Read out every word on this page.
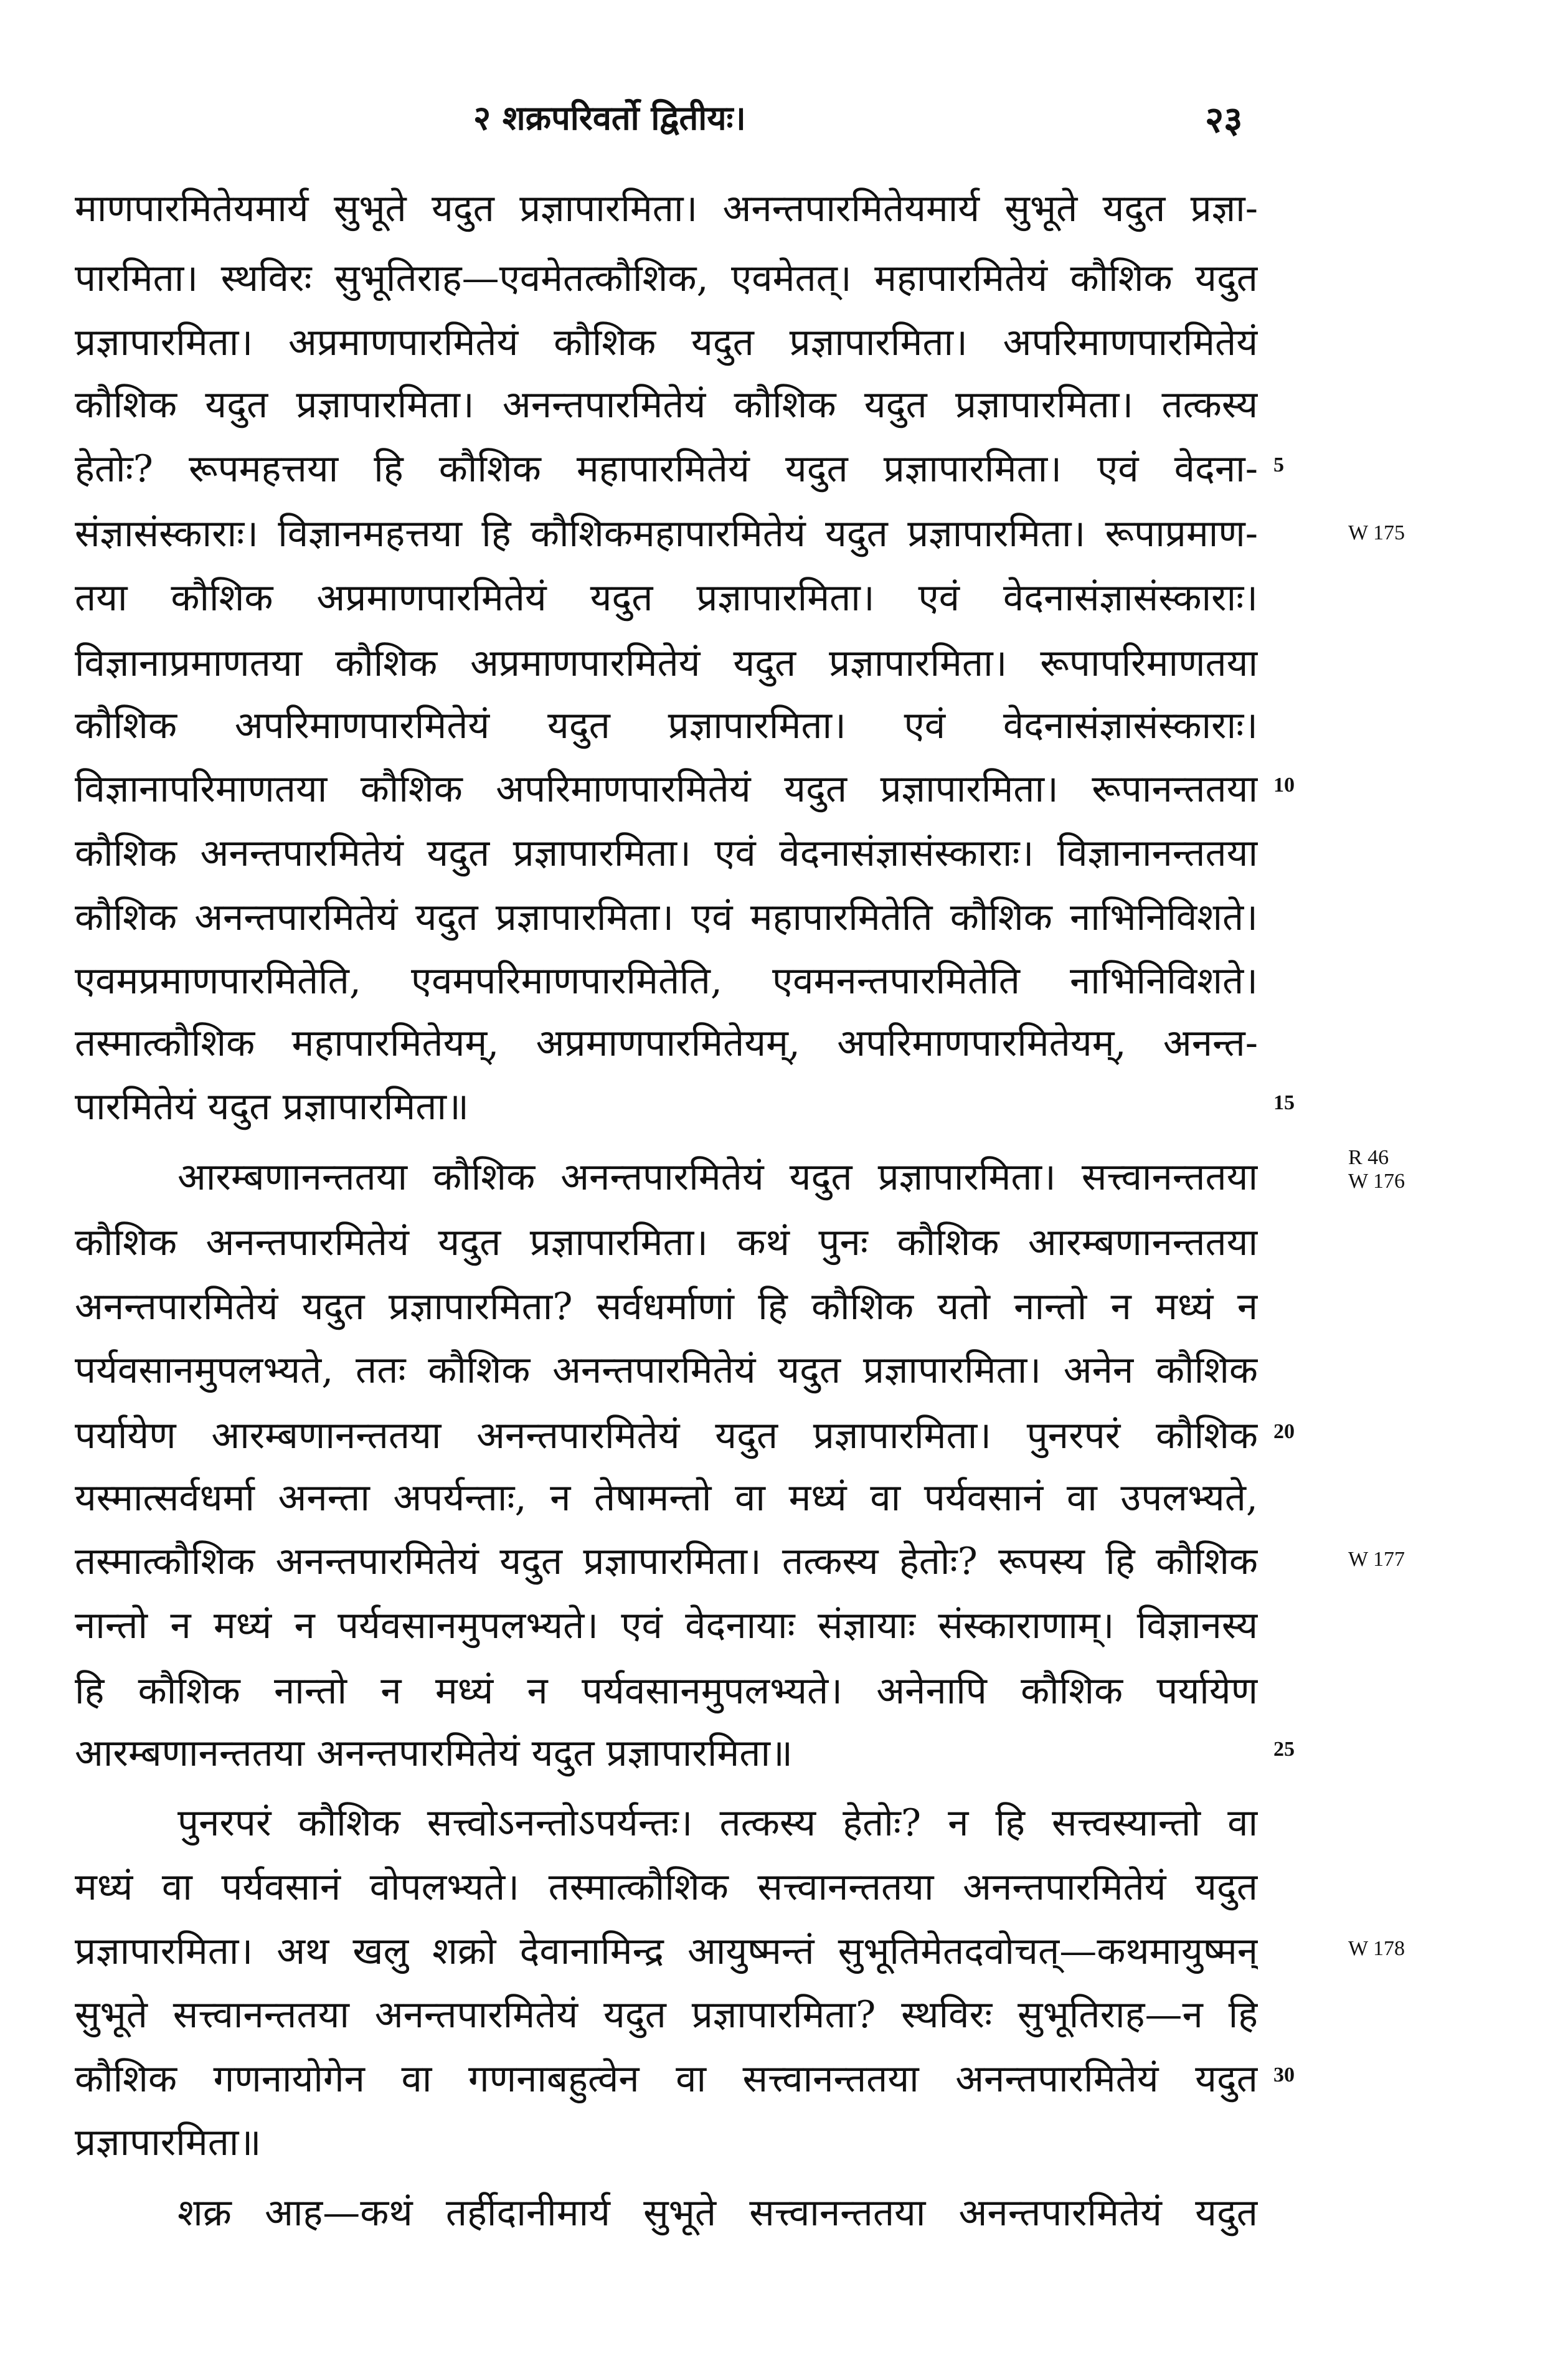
२ शक्रपरिवर्तो द्वितीयः।	२३
माणपारमितेयमार्य सुभूते यदुत प्रज्ञापारमिता। अनन्तपारमितेयमार्य सुभूते यदुत प्रज्ञा-
पारमिता। स्थविरः सुभूतिराह—एवमेतत्कौशिक, एवमेतत्। महापारमितेयं कौशिक यदुत
प्रज्ञापारमिता। अप्रमाणपारमितेयं कौशिक यदुत प्रज्ञापारमिता। अपरिमाणपारमितेयं
कौशिक यदुत प्रज्ञापारमिता। अनन्तपारमितेयं कौशिक यदुत प्रज्ञापारमिता। तत्कस्य
हेतोः? रूपमहत्तया हि कौशिक महापारमितेयं यदुत प्रज्ञापारमिता। एवं वेदना-
संज्ञासंस्काराः। विज्ञानमहत्तया हि कौशिकमहापारमितेयं यदुत प्रज्ञापारमिता। रूपाप्रमाण-
तया कौशिक अप्रमाणपारमितेयं यदुत प्रज्ञापारमिता। एवं वेदनासंज्ञासंस्काराः।
विज्ञानाप्रमाणतया कौशिक अप्रमाणपारमितेयं यदुत प्रज्ञापारमिता। रूपापरिमाणतया
कौशिक अपरिमाणपारमितेयं यदुत प्रज्ञापारमिता। एवं वेदनासंज्ञासंस्काराः।
विज्ञानापरिमाणतया कौशिक अपरिमाणपारमितेयं यदुत प्रज्ञापारमिता। रूपानन्ततया
कौशिक अनन्तपारमितेयं यदुत प्रज्ञापारमिता। एवं वेदनासंज्ञासंस्काराः। विज्ञानानन्ततया
कौशिक अनन्तपारमितेयं यदुत प्रज्ञापारमिता। एवं महापारमितेति कौशिक नाभिनिविशते।
एवमप्रमाणपारमितेति, एवमपरिमाणपारमितेति, एवमनन्तपारमितेति नाभिनिविशते।
तस्मात्कौशिक महापारमितेयम्, अप्रमाणपारमितेयम्, अपरिमाणपारमितेयम्, अनन्त-
पारमितेयं यदुत प्रज्ञापारमिता॥
आरम्बणानन्ततया कौशिक अनन्तपारमितेयं यदुत प्रज्ञापारमिता। सत्त्वानन्ततया
कौशिक अनन्तपारमितेयं यदुत प्रज्ञापारमिता। कथं पुनः कौशिक आरम्बणानन्ततया
अनन्तपारमितेयं यदुत प्रज्ञापारमिता? सर्वधर्माणां हि कौशिक यतो नान्तो न मध्यं न
पर्यवसानमुपलभ्यते, ततः कौशिक अनन्तपारमितेयं यदुत प्रज्ञापारमिता। अनेन कौशिक
पर्यायेण आरम्बणानन्ततया अनन्तपारमितेयं यदुत प्रज्ञापारमिता। पुनरपरं कौशिक
यस्मात्सर्वधर्मा अनन्ता अपर्यन्ताः, न तेषामन्तो वा मध्यं वा पर्यवसानं वा उपलभ्यते,
तस्मात्कौशिक अनन्तपारमितेयं यदुत प्रज्ञापारमिता। तत्कस्य हेतोः? रूपस्य हि कौशिक
नान्तो न मध्यं न पर्यवसानमुपलभ्यते। एवं वेदनायाः संज्ञायाः संस्काराणाम्। विज्ञानस्य
हि कौशिक नान्तो न मध्यं न पर्यवसानमुपलभ्यते। अनेनापि कौशिक पर्यायेण
आरम्बणानन्ततया अनन्तपारमितेयं यदुत प्रज्ञापारमिता॥
पुनरपरं कौशिक सत्त्वोऽनन्तोऽपर्यन्तः। तत्कस्य हेतोः? न हि सत्त्वस्यान्तो वा
मध्यं वा पर्यवसानं वोपलभ्यते। तस्मात्कौशिक सत्त्वानन्ततया अनन्तपारमितेयं यदुत
प्रज्ञापारमिता। अथ खलु शक्रो देवानामिन्द्र आयुष्मन्तं सुभूतिमेतदवोचत्—कथमायुष्मन्
सुभूते सत्त्वानन्ततया अनन्तपारमितेयं यदुत प्रज्ञापारमिता? स्थविरः सुभूतिराह—न हि
कौशिक गणनायोगेन वा गणनाबहुत्वेन वा सत्त्वानन्ततया अनन्तपारमितेयं यदुत
प्रज्ञापारमिता॥
शक्र आह—कथं तर्हीदानीमार्य सुभूते सत्त्वानन्ततया अनन्तपारमितेयं यदुत
5
10
15
20
25
30
W 175
R 46
W 176
W 177
W 178
